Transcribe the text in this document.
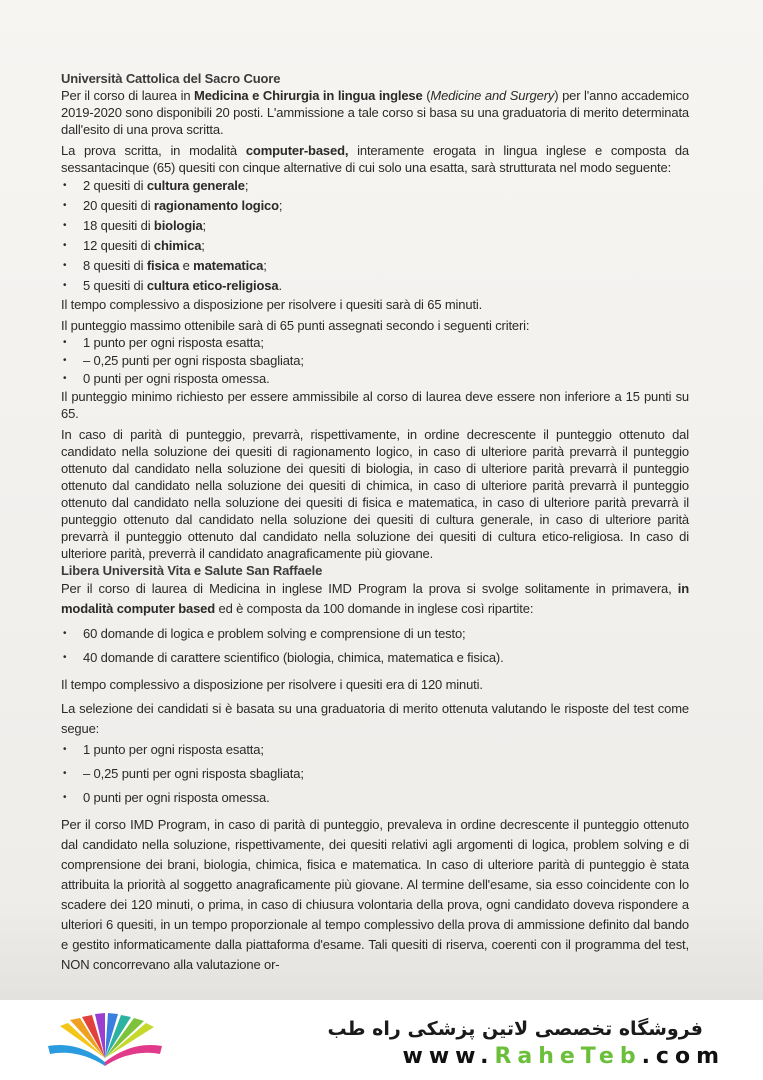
Università Cattolica del Sacro Cuore

Per il corso di laurea in Medicina e Chirurgia in lingua inglese (Medicine and Surgery) per l'anno accademico 2019-2020 sono disponibili 20 posti. L'ammissione a tale corso si basa su una graduatoria di merito determinata dall'esito di una prova scritta.

La prova scritta, in modalità computer-based, interamente erogata in lingua inglese e composta da sessantacinque (65) quesiti con cinque alternative di cui solo una esatta, sarà strutturata nel modo seguente:

• 2 quesiti di cultura generale;
• 20 quesiti di ragionamento logico;
• 18 quesiti di biologia;
• 12 quesiti di chimica;
• 8 quesiti di fisica e matematica;
• 5 quesiti di cultura etico-religiosa.

Il tempo complessivo a disposizione per risolvere i quesiti sarà di 65 minuti.

Il punteggio massimo ottenibile sarà di 65 punti assegnati secondo i seguenti criteri:

• 1 punto per ogni risposta esatta;
• – 0,25 punti per ogni risposta sbagliata;
• 0 punti per ogni risposta omessa.

Il punteggio minimo richiesto per essere ammissibile al corso di laurea deve essere non inferiore a 15 punti su 65.

In caso di parità di punteggio, prevarrà, rispettivamente, in ordine decrescente il punteggio ottenuto dal candidato nella soluzione dei quesiti di ragionamento logico, in caso di ulteriore parità prevarrà il punteggio ottenuto dal candidato nella soluzione dei quesiti di biologia, in caso di ulteriore parità prevarrà il punteggio ottenuto dal candidato nella soluzione dei quesiti di chimica, in caso di ulteriore parità prevarrà il punteggio ottenuto dal candidato nella soluzione dei quesiti di fisica e matematica, in caso di ulteriore parità prevarrà il punteggio ottenuto dal candidato nella soluzione dei quesiti di cultura generale, in caso di ulteriore parità prevarrà il punteggio ottenuto dal candidato nella soluzione dei quesiti di cultura etico-religiosa. In caso di ulteriore parità, preverrà il candidato anagraficamente più giovane.

Libera Università Vita e Salute San Raffaele

Per il corso di laurea di Medicina in inglese IMD Program la prova si svolge solitamente in primavera, in modalità computer based ed è composta da 100 domande in inglese così ripartite:

• 60 domande di logica e problem solving e comprensione di un testo;
• 40 domande di carattere scientifico (biologia, chimica, matematica e fisica).

Il tempo complessivo a disposizione per risolvere i quesiti era di 120 minuti.

La selezione dei candidati si è basata su una graduatoria di merito ottenuta valutando le risposte del test come segue:

• 1 punto per ogni risposta esatta;
• – 0,25 punti per ogni risposta sbagliata;
• 0 punti per ogni risposta omessa.

Per il corso IMD Program, in caso di parità di punteggio, prevaleva in ordine decrescente il punteggio ottenuto dal candidato nella soluzione, rispettivamente, dei quesiti relativi agli argomenti di logica, problem solving e di comprensione dei brani, biologia, chimica, fisica e matematica. In caso di ulteriore parità di punteggio è stata attribuita la priorità al soggetto anagraficamente più giovane. Al termine dell'esame, sia esso coincidente con lo scadere dei 120 minuti, o prima, in caso di chiusura volontaria della prova, ogni candidato doveva rispondere a ulteriori 6 quesiti, in un tempo proporzionale al tempo complessivo della prova di ammissione definito dal bando e gestito informaticamente dalla piattaforma d'esame. Tali quesiti di riserva, coerenti con il programma del test, NON concorrevano alla valutazione or-

فروشگاه تخصصی لاتین پزشکی راه طب
www.RaheTeb.com
